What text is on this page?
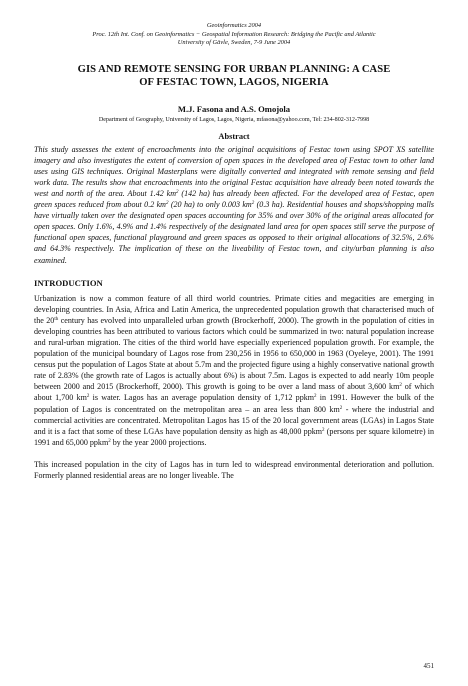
Geoinformatics 2004
Proc. 12th Int. Conf. on Geoinformatics − Geospatial Information Research: Bridging the Pacific and Atlantic
University of Gävle, Sweden, 7-9 June 2004
GIS AND REMOTE SENSING FOR URBAN PLANNING: A CASE
OF FESTAC TOWN, LAGOS, NIGERIA
M.J. Fasona and A.S. Omojola
Department of Geography, University of Lagos, Lagos, Nigeria, mfasona@yahoo.com, Tel: 234-802-312-7998
Abstract
This study assesses the extent of encroachments into the original acquisitions of Festac town using SPOT XS satellite imagery and also investigates the extent of conversion of open spaces in the developed area of Festac town to other land uses using GIS techniques. Original Masterplans were digitally converted and integrated with remote sensing and field work data. The results show that encroachments into the original Festac acquisition have already been noted towards the west and north of the area. About 1.42 $km^2$ (142 ha) has already been affected. For the developed area of Festac, open green spaces reduced from about 0.2 $km^2$ (20 ha) to only 0.003 $km^2$ (0.3 ha). Residential houses and shops/shopping malls have virtually taken over the designated open spaces accounting for 35% and over 30% of the original areas allocated for open spaces. Only 1.6%, 4.9% and 1.4% respectively of the designated land area for open spaces still serve the purpose of functional open spaces, functional playground and green spaces as opposed to their original allocations of 32.5%, 2.6% and 64.3% respectively. The implication of these on the liveability of Festac town, and city/urban planning is also examined.
INTRODUCTION
Urbanization is now a common feature of all third world countries. Primate cities and megacities are emerging in developing countries. In Asia, Africa and Latin America, the unprecedented population growth that characterised much of the 20th century has evolved into unparalleled urban growth (Brockerhoff, 2000). The growth in the population of cities in developing countries has been attributed to various factors which could be summarized in two: natural population increase and rural-urban migration. The cities of the third world have especially experienced population growth. For example, the population of the municipal boundary of Lagos rose from 230,256 in 1956 to 650,000 in 1963 (Oyeleye, 2001). The 1991 census put the population of Lagos State at about 5.7m and the projected figure using a highly conservative national growth rate of 2.83% (the growth rate of Lagos is actually about 6%) is about 7.5m. Lagos is expected to add nearly 10m people between 2000 and 2015 (Brockerhoff, 2000). This growth is going to be over a land mass of about 3,600 $km^2$ of which about 1,700 $km^2$ is water. Lagos has an average population density of 1,712 ppkm$^2$ in 1991. However the bulk of the population of Lagos is concentrated on the metropolitan area – an area less than 800 $km^2$ - where the industrial and commercial activities are concentrated. Metropolitan Lagos has 15 of the 20 local government areas (LGAs) in Lagos State and it is a fact that some of these LGAs have population density as high as 48,000 ppkm$^2$ (persons per square kilometre) in 1991 and 65,000 ppkm$^2$ by the year 2000 projections.
This increased population in the city of Lagos has in turn led to widespread environmental deterioration and pollution. Formerly planned residential areas are no longer liveable. The
451
